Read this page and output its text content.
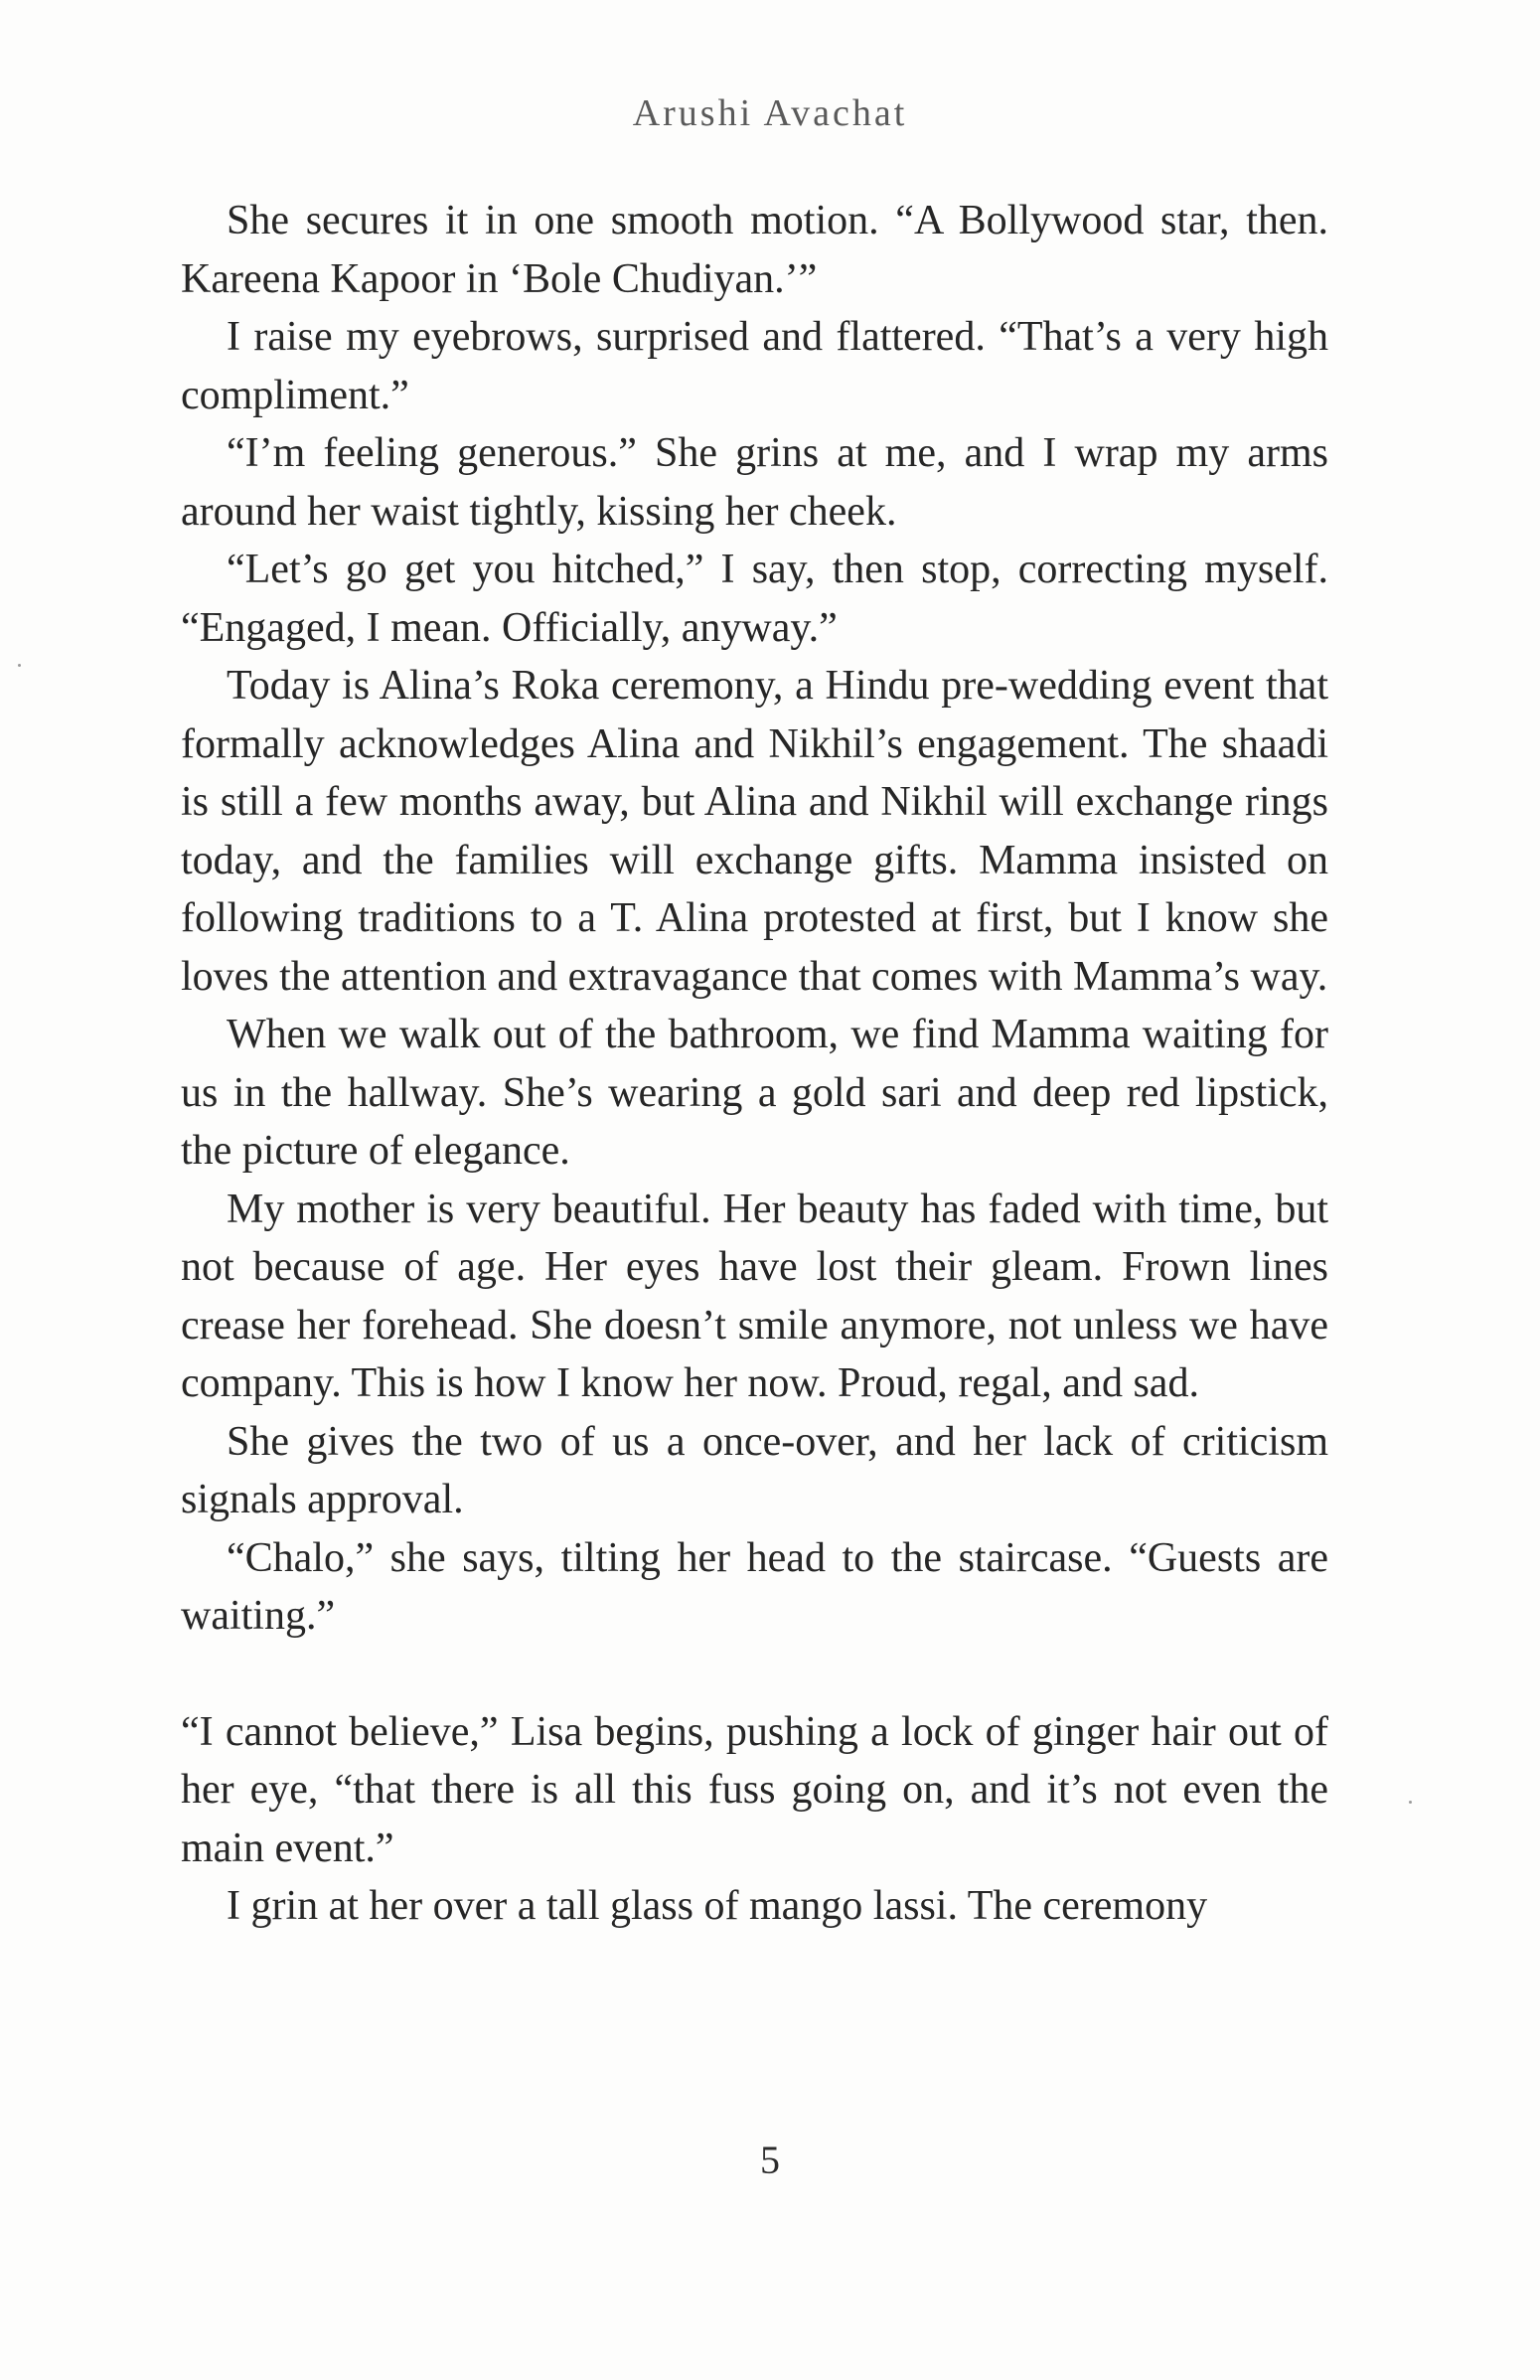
Arushi Avachat

She secures it in one smooth motion. “A Bollywood star, then. Kareena Kapoor in ‘Bole Chudiyan.’”

I raise my eyebrows, surprised and flattered. “That’s a very high compliment.”

“I’m feeling generous.” She grins at me, and I wrap my arms around her waist tightly, kissing her cheek.

“Let’s go get you hitched,” I say, then stop, correcting myself. “Engaged, I mean. Officially, anyway.”

Today is Alina’s Roka ceremony, a Hindu pre-wedding event that formally acknowledges Alina and Nikhil’s engagement. The shaadi is still a few months away, but Alina and Nikhil will exchange rings today, and the families will exchange gifts. Mamma insisted on following traditions to a T. Alina protested at first, but I know she loves the attention and extravagance that comes with Mamma’s way.

When we walk out of the bathroom, we find Mamma waiting for us in the hallway. She’s wearing a gold sari and deep red lipstick, the picture of elegance.

My mother is very beautiful. Her beauty has faded with time, but not because of age. Her eyes have lost their gleam. Frown lines crease her forehead. She doesn’t smile anymore, not unless we have company. This is how I know her now. Proud, regal, and sad.

She gives the two of us a once-over, and her lack of criticism signals approval.

“Chalo,” she says, tilting her head to the staircase. “Guests are waiting.”

“I cannot believe,” Lisa begins, pushing a lock of ginger hair out of her eye, “that there is all this fuss going on, and it’s not even the main event.”

I grin at her over a tall glass of mango lassi. The ceremony

5
